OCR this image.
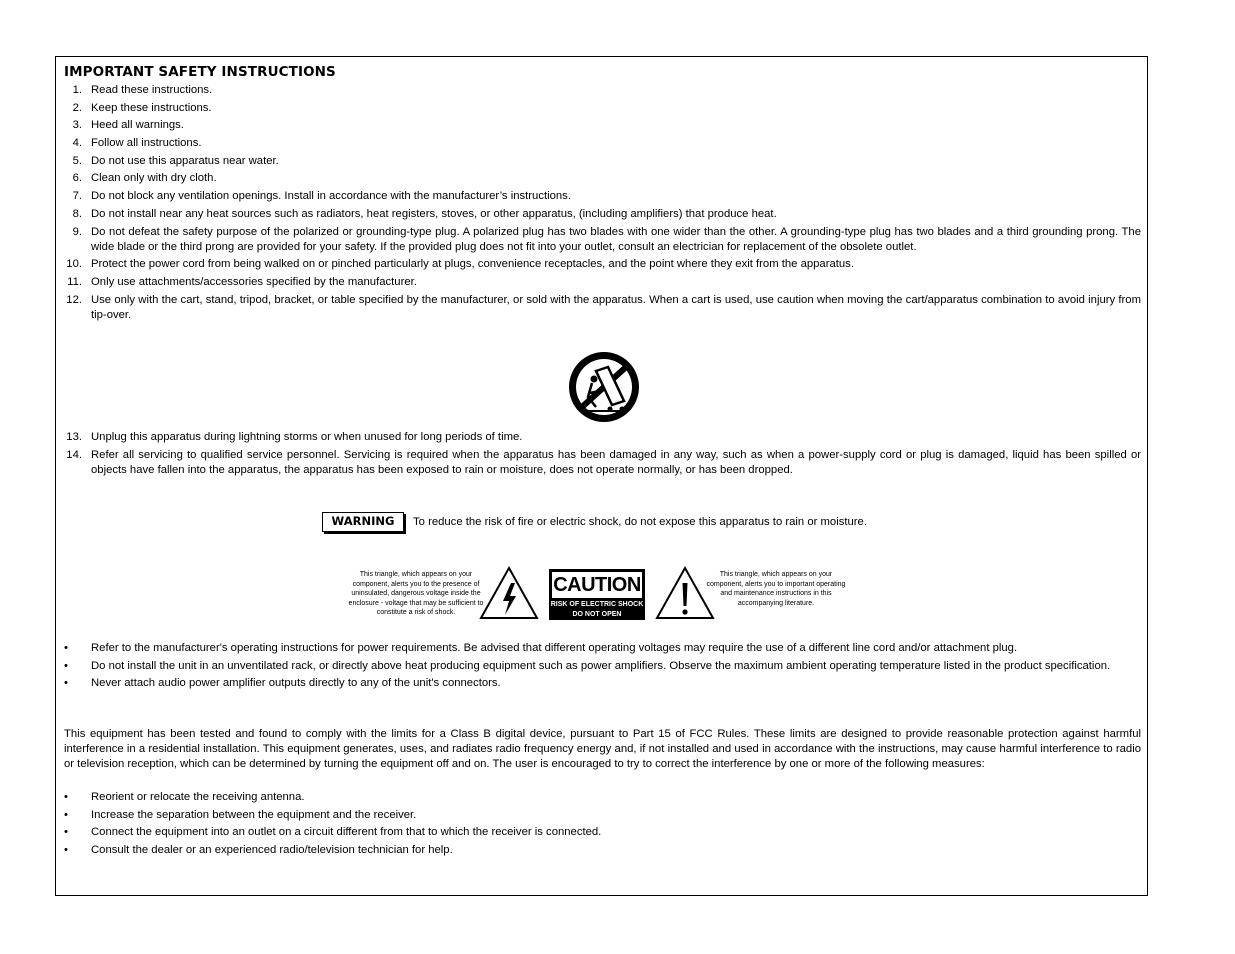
IMPORTANT SAFETY INSTRUCTIONS
1. Read these instructions.
2. Keep these instructions.
3. Heed all warnings.
4. Follow all instructions.
5. Do not use this apparatus near water.
6. Clean only with dry cloth.
7. Do not block any ventilation openings. Install in accordance with the manufacturer’s instructions.
8. Do not install near any heat sources such as radiators, heat registers, stoves, or other apparatus, (including amplifiers) that produce heat.
9. Do not defeat the safety purpose of the polarized or grounding-type plug. A polarized plug has two blades with one wider than the other. A grounding-type plug has two blades and a third grounding prong. The wide blade or the third prong are provided for your safety. If the provided plug does not fit into your outlet, consult an electrician for replacement of the obsolete outlet.
10. Protect the power cord from being walked on or pinched particularly at plugs, convenience receptacles, and the point where they exit from the apparatus.
11. Only use attachments/accessories specified by the manufacturer.
12. Use only with the cart, stand, tripod, bracket, or table specified by the manufacturer, or sold with the apparatus. When a cart is used, use caution when moving the cart/apparatus combination to avoid injury from tip-over.
13. Unplug this apparatus during lightning storms or when unused for long periods of time.
14. Refer all servicing to qualified service personnel. Servicing is required when the apparatus has been damaged in any way, such as when a power-supply cord or plug is damaged, liquid has been spilled or objects have fallen into the apparatus, the apparatus has been exposed to rain or moisture, does not operate normally, or has been dropped.
WARNING	To reduce the risk of fire or electric shock, do not expose this apparatus to rain or moisture.
This triangle, which appears on your component, alerts you to the presence of uninsulated, dangerous voltage inside the enclosure - voltage that may be sufficient to constitute a risk of shock.
CAUTION
RISK OF ELECTRIC SHOCK
DO NOT OPEN
This triangle, which appears on your component, alerts you to important operating and maintenance instructions in this accompanying literature.
•	Refer to the manufacturer's operating instructions for power requirements. Be advised that different operating voltages may require the use of a different line cord and/or attachment plug.
•	Do not install the unit in an unventilated rack, or directly above heat producing equipment such as power amplifiers. Observe the maximum ambient operating temperature listed in the product specification.
•	Never attach audio power amplifier outputs directly to any of the unit's connectors.
This equipment has been tested and found to comply with the limits for a Class B digital device, pursuant to Part 15 of FCC Rules. These limits are designed to provide reasonable protection against harmful interference in a residential installation. This equipment generates, uses, and radiates radio frequency energy and, if not installed and used in accordance with the instructions, may cause harmful interference to radio or television reception, which can be determined by turning the equipment off and on. The user is encouraged to try to correct the interference by one or more of the following measures:
•	Reorient or relocate the receiving antenna.
•	Increase the separation between the equipment and the receiver.
•	Connect the equipment into an outlet on a circuit different from that to which the receiver is connected.
•	Consult the dealer or an experienced radio/television technician for help.
